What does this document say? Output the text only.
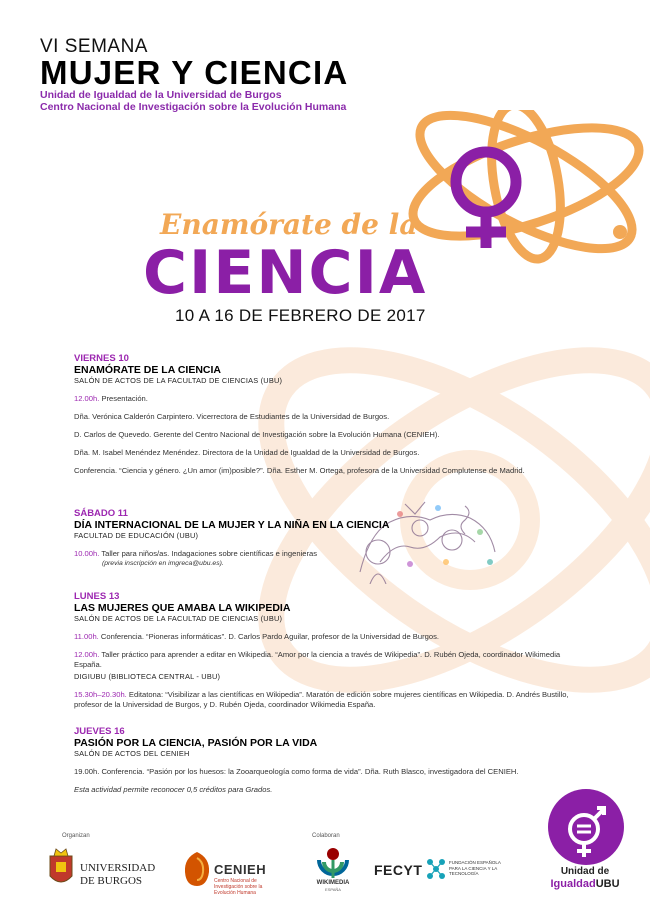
VI SEMANA
MUJER Y CIENCIA
Unidad de Igualdad de la Universidad de Burgos
Centro Nacional de Investigación sobre la Evolución Humana
Enamórate de la
CIENCIA
10 A 16 DE FEBRERO DE 2017
VIERNES 10
ENAMÓRATE DE LA CIENCIA
SALÓN DE ACTOS DE LA FACULTAD DE CIENCIAS (UBU)
12.00h. Presentación.
Dña. Verónica Calderón Carpintero. Vicerrectora de Estudiantes de la Universidad de Burgos.
D. Carlos de Quevedo. Gerente del Centro Nacional de Investigación sobre la Evolución Humana (CENIEH).
Dña. M. Isabel Menéndez Menéndez. Directora de la Unidad de Igualdad de la Universidad de Burgos.
Conferencia. “Ciencia y género. ¿Un amor (im)posible?”. Dña. Esther M. Ortega, profesora de la Universidad Complutense de Madrid.
SÁBADO 11
DÍA INTERNACIONAL DE LA MUJER Y LA NIÑA EN LA CIENCIA
FACULTAD DE EDUCACIÓN (UBU)
10.00h. Taller para niños/as. Indagaciones sobre científicas e ingenieras
(previa inscripción en imgreca@ubu.es).
LUNES 13
LAS MUJERES QUE AMABA LA WIKIPEDIA
SALÓN DE ACTOS DE LA FACULTAD DE CIENCIAS (UBU)
11.00h. Conferencia. “Pioneras informáticas”. D. Carlos Pardo Aguilar, profesor de la Universidad de Burgos.
12.00h. Taller práctico para aprender a editar en Wikipedia. “Amor por la ciencia a través de Wikipedia”. D. Rubén Ojeda, coordinador Wikimedia España.
DIGIUBU (BIBLIOTECA CENTRAL - UBU)
15.30h–20.30h. Editatona: “Visibilizar a las científicas en Wikipedia”. Maratón de edición sobre mujeres científicas en Wikipedia. D. Andrés Bustillo, profesor de la Universidad de Burgos, y D. Rubén Ojeda, coordinador Wikimedia España.
JUEVES 16
PASIÓN POR LA CIENCIA, PASIÓN POR LA VIDA
SALÓN DE ACTOS DEL CENIEH
19.00h. Conferencia. “Pasión por los huesos: la Zooarqueología como forma de vida”. Dña. Ruth Blasco, investigadora del CENIEH.
Esta actividad permite reconocer 0,5 créditos para Grados.
Unidad de
IgualdadUBU
Organizan	Colaboran
UNIVERSIDAD
DE BURGOS
CENIEH
Centro Nacional de Investigación sobre la Evolución Humana
WIKIMEDIA
ESPAÑA
FECYT	FUNDACIÓN ESPAÑOLA PARA LA CIENCIA Y LA TECNOLOGÍA
